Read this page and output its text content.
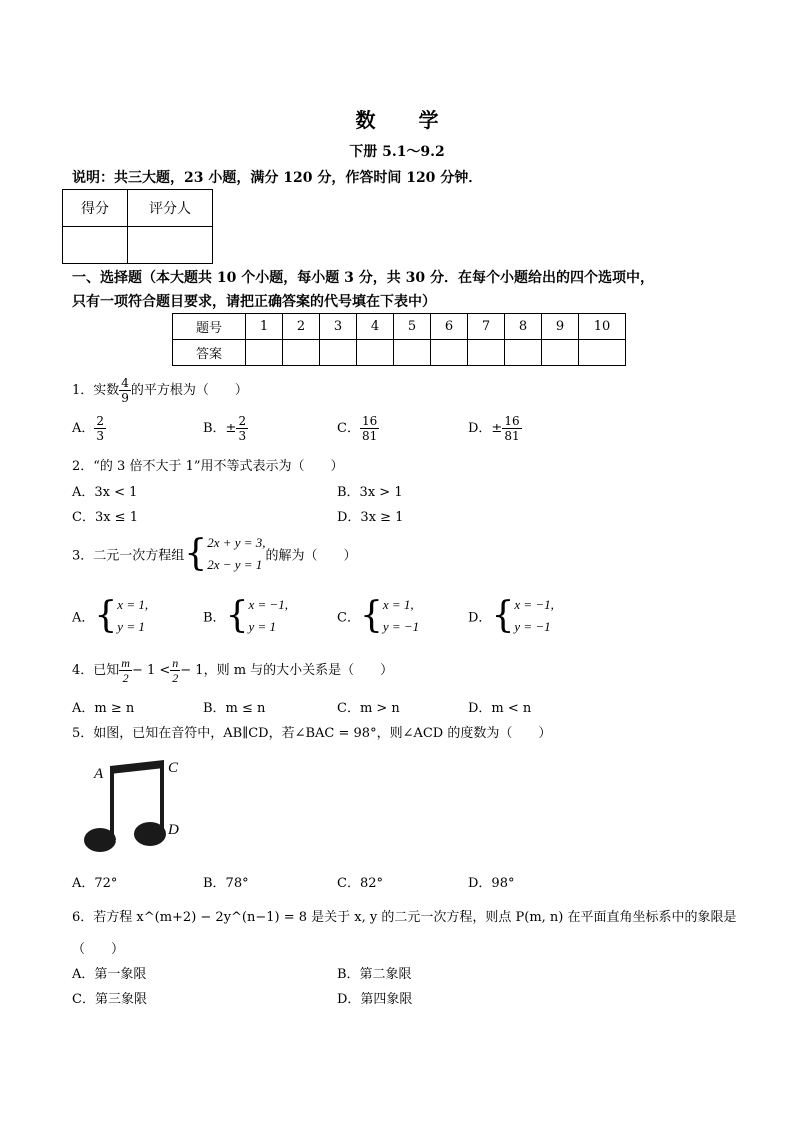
数 学
下册 5.1～9.2
说明：共三大题，23 小题，满分 120 分，作答时间 120 分钟．
得分	评分人

一、选择题（本大题共 10 个小题，每小题 3 分，共 30 分．在每个小题给出的四个选项中，
只有一项符合题目要求，请把正确答案的代号填在下表中）
题号	1	2	3	4	5	6	7	8	9	10
答案										
1．实数 $\frac{4}{9}$ 的平方根为（　　）
A． $\frac{2}{3}$	B．± $\frac{2}{3}$	C． $\frac{16}{81}$	D．± $\frac{16}{81}$
2．“的 3 倍不大于 1”用不等式表示为（　　）
A．3x < 1	B．3x > 1
C．3x ≤ 1	D．3x ≥ 1
3．二元一次方程组{ 2x + y = 3,
2x − y = 1
的解为（　　）
A．{ x = 1,
y = 1
B．{ x = −1,
y = 1
C．{ x = 1,
y = −1
D．{ x = −1,
y = −1
4．已知 $\frac{m}{2} - 1 < \frac{n}{2} - 1$，则 m 与的大小关系是（　　）
A．m ≥ n	B．m ≤ n	C．m > n	D．m < n
5．如图，已知在音符中，AB∥CD，若∠BAC = 98°，则∠ACD 的度数为（　　）
A	C
B	D
A．72°	B．78°	C．82°	D．98°
6．若方程 x^(m+2) − 2y^(n−1) = 8 是关于 x, y 的二元一次方程，则点 P(m, n) 在平面直角坐标系中的象限是
（　　）
A．第一象限	B．第二象限
C．第三象限	D．第四象限
